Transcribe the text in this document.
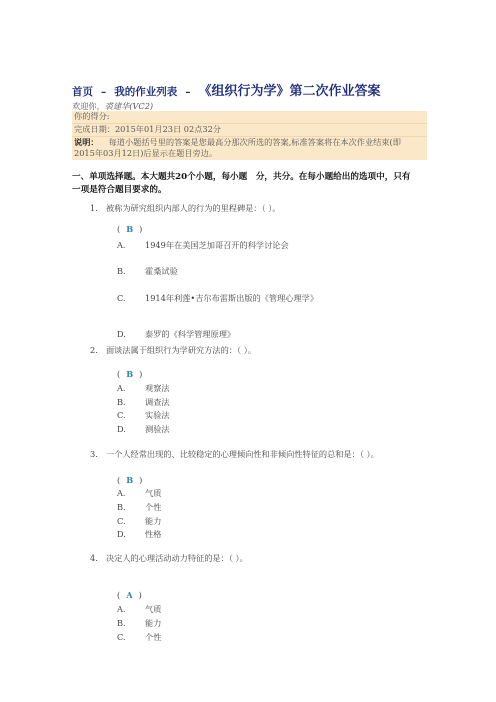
首页 – 我的作业列表 – 《组织行为学》第二次作业答案
欢迎你，裘建华(VC2)
你的得分:
完成日期：2015年01月23日 02点32分
说明： 每道小题括号里的答案是您最高分那次所选的答案,标准答案将在本次作业结束(即
2015年03月12日)后显示在题目旁边。
一、单项选择题。本大题共20个小题，每小题　分，共分。在每小题给出的选项中，只有
一项是符合题目要求的。
1.　被称为研究组织内部人的行为的里程碑是：（ ）。
( B )
A. 1949年在美国芝加哥召开的科学讨论会
B. 霍桑试验
C. 1914年利莲•吉尔布雷斯出版的《管理心理学》
D. 泰罗的《科学管理原理》
2.　面谈法属于组织行为学研究方法的：（ ）。
( B )
A. 观察法
B. 调查法
C. 实验法
D. 测验法
3.　一个人经常出现的、比较稳定的心理倾向性和非倾向性特征的总和是：（ ）。
( B )
A. 气质
B. 个性
C. 能力
D. 性格
4.　决定人的心理活动动力特征的是：（ ）。
( A )
A. 气质
B. 能力
C. 个性
